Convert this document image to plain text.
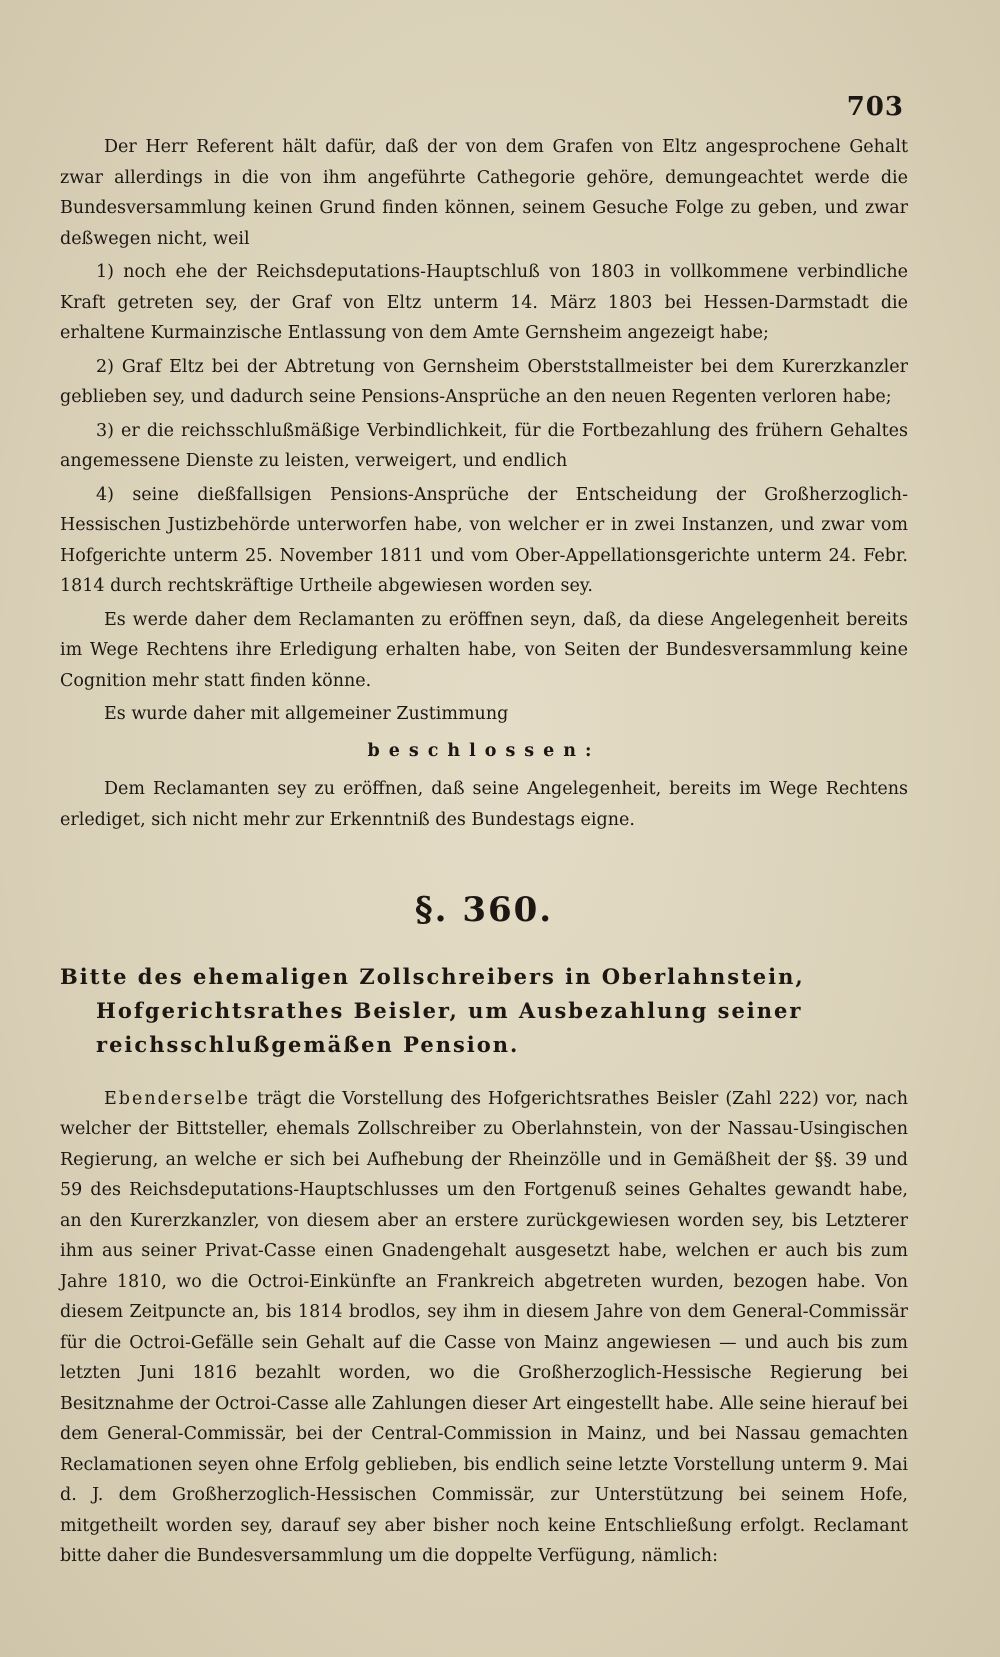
703

Der Herr Referent hält dafür, daß der von dem Grafen von Eltz angesprochene Gehalt zwar allerdings in die von ihm angeführte Cathegorie gehöre, demungeachtet werde die Bundesversammlung keinen Grund finden können, seinem Gesuche Folge zu geben, und zwar deßwegen nicht, weil

1) noch ehe der Reichsdeputations-Hauptschluß von 1803 in vollkommene verbindliche Kraft getreten sey, der Graf von Eltz unterm 14. März 1803 bei Hessen-Darmstadt die erhaltene Kurmainzische Entlassung von dem Amte Gernsheim angezeigt habe;

2) Graf Eltz bei der Abtretung von Gernsheim Oberststallmeister bei dem Kurerzkanzler geblieben sey, und dadurch seine Pensions-Ansprüche an den neuen Regenten verloren habe;

3) er die reichsschlußmäßige Verbindlichkeit, für die Fortbezahlung des frühern Gehaltes angemessene Dienste zu leisten, verweigert, und endlich

4) seine dießfallsigen Pensions-Ansprüche der Entscheidung der Großherzoglich-Hessischen Justizbehörde unterworfen habe, von welcher er in zwei Instanzen, und zwar vom Hofgerichte unterm 25. November 1811 und vom Ober-Appellationsgerichte unterm 24. Febr. 1814 durch rechtskräftige Urtheile abgewiesen worden sey.

Es werde daher dem Reclamanten zu eröffnen seyn, daß, da diese Angelegenheit bereits im Wege Rechtens ihre Erledigung erhalten habe, von Seiten der Bundesversammlung keine Cognition mehr statt finden könne.

Es wurde daher mit allgemeiner Zustimmung

beschlossen:

Dem Reclamanten sey zu eröffnen, daß seine Angelegenheit, bereits im Wege Rechtens erlediget, sich nicht mehr zur Erkenntniß des Bundestags eigne.

§. 360.

Bitte des ehemaligen Zollschreibers in Oberlahnstein, Hofgerichtsrathes Beisler, um Ausbezahlung seiner reichsschlußgemäßen Pension.

Ebenderselbe trägt die Vorstellung des Hofgerichtsrathes Beisler (Zahl 222) vor, nach welcher der Bittsteller, ehemals Zollschreiber zu Oberlahnstein, von der Nassau-Usingischen Regierung, an welche er sich bei Aufhebung der Rheinzölle und in Gemäßheit der §§. 39 und 59 des Reichsdeputations-Hauptschlusses um den Fortgenuß seines Gehaltes gewandt habe, an den Kurerzkanzler, von diesem aber an erstere zurückgewiesen worden sey, bis Letzterer ihm aus seiner Privat-Casse einen Gnadengehalt ausgesetzt habe, welchen er auch bis zum Jahre 1810, wo die Octroi-Einkünfte an Frankreich abgetreten wurden, bezogen habe. Von diesem Zeitpuncte an, bis 1814 brodlos, sey ihm in diesem Jahre von dem General-Commissär für die Octroi-Gefälle sein Gehalt auf die Casse von Mainz angewiesen — und auch bis zum letzten Juni 1816 bezahlt worden, wo die Großherzoglich-Hessische Regierung bei Besitznahme der Octroi-Casse alle Zahlungen dieser Art eingestellt habe. Alle seine hierauf bei dem General-Commissär, bei der Central-Commission in Mainz, und bei Nassau gemachten Reclamationen seyen ohne Erfolg geblieben, bis endlich seine letzte Vorstellung unterm 9. Mai d. J. dem Großherzoglich-Hessischen Commissär, zur Unterstützung bei seinem Hofe, mitgetheilt worden sey, darauf sey aber bisher noch keine Entschließung erfolgt. Reclamant bitte daher die Bundesversammlung um die doppelte Verfügung, nämlich:
